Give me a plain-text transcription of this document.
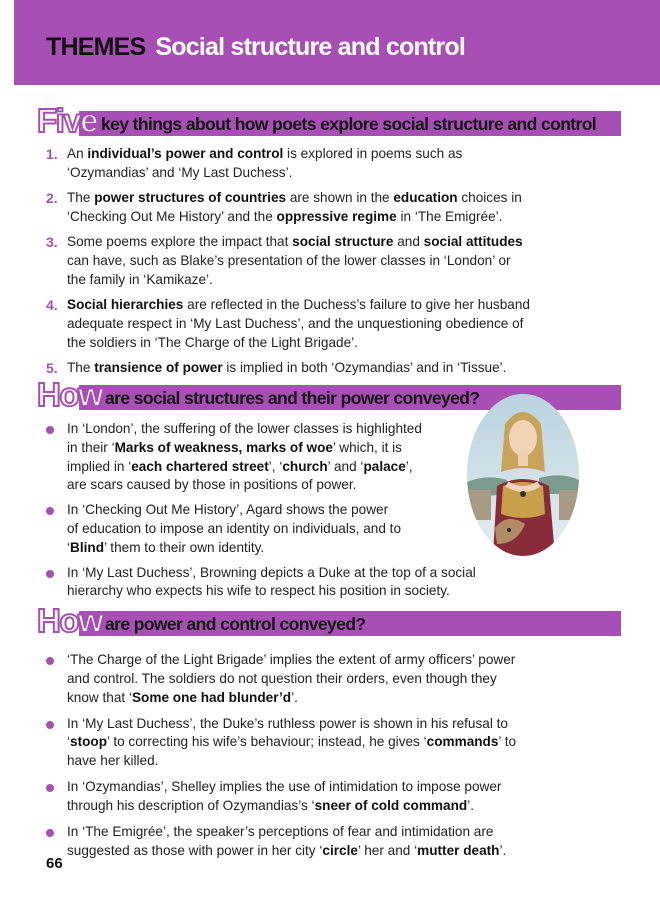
THEMES Social structure and control
Five key things about how poets explore social structure and control
1. An individual’s power and control is explored in poems such as
‘Ozymandias’ and ‘My Last Duchess’.
2. The power structures of countries are shown in the education choices in
‘Checking Out Me History’ and the oppressive regime in ‘The Emigrée’.
3. Some poems explore the impact that social structure and social attitudes
can have, such as Blake’s presentation of the lower classes in ‘London’ or
the family in ‘Kamikaze’.
4. Social hierarchies are reflected in the Duchess’s failure to give her husband
adequate respect in ‘My Last Duchess’, and the unquestioning obedience of
the soldiers in ‘The Charge of the Light Brigade’.
5. The transience of power is implied in both ‘Ozymandias’ and in ‘Tissue’.
How are social structures and their power conveyed?
In ‘London’, the suffering of the lower classes is highlighted
in their ‘Marks of weakness, marks of woe’ which, it is
implied in ‘each chartered street’, ‘church’ and ‘palace’,
are scars caused by those in positions of power.
In ‘Checking Out Me History’, Agard shows the power
of education to impose an identity on individuals, and to
‘Blind’ them to their own identity.
In ‘My Last Duchess’, Browning depicts a Duke at the top of a social
hierarchy who expects his wife to respect his position in society.
How are power and control conveyed?
‘The Charge of the Light Brigade’ implies the extent of army officers’ power
and control. The soldiers do not question their orders, even though they
know that ‘Some one had blunder’d’.
In ‘My Last Duchess’, the Duke’s ruthless power is shown in his refusal to
‘stoop’ to correcting his wife’s behaviour; instead, he gives ‘commands’ to
have her killed.
In ‘Ozymandias’, Shelley implies the use of intimidation to impose power
through his description of Ozymandias’s ‘sneer of cold command’.
In ‘The Emigrée’, the speaker’s perceptions of fear and intimidation are
suggested as those with power in her city ‘circle’ her and ‘mutter death’.
66
